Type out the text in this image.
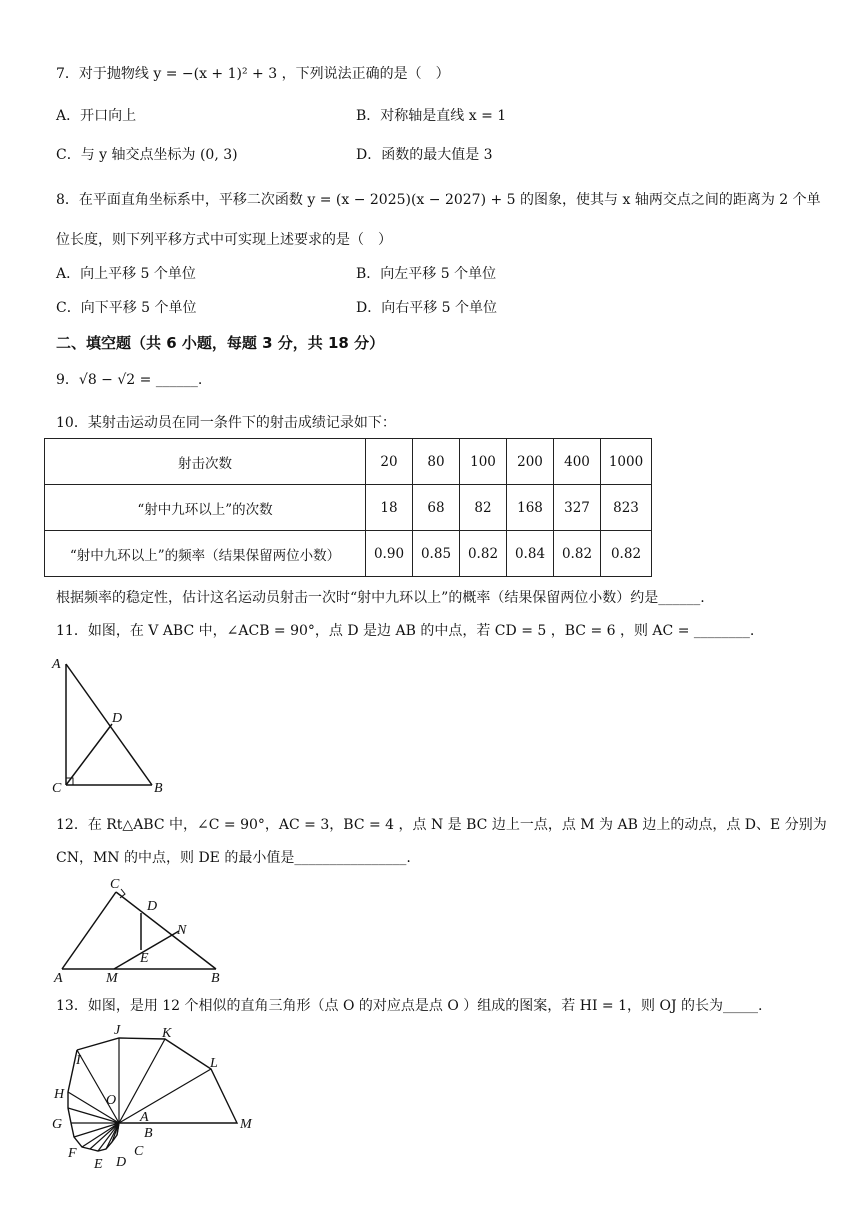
7．对于抛物线 y = −(x + 1)² + 3 ，下列说法正确的是（　）
A．开口向上	B．对称轴是直线 x = 1
C．与 y 轴交点坐标为 (0, 3)	D．函数的最大值是 3
8．在平面直角坐标系中，平移二次函数 y = (x − 2025)(x − 2027) + 5 的图象，使其与 x 轴两交点之间的距离为 2 个单
位长度，则下列平移方式中可实现上述要求的是（　）
A．向上平移 5 个单位	B．向左平移 5 个单位
C．向下平移 5 个单位	D．向右平移 5 个单位
二、填空题（共 6 小题，每题 3 分，共 18 分）
9．√8 − √2 = ______.
10．某射击运动员在同一条件下的射击成绩记录如下：
射击次数	20	80	100	200	400	1000
“射中九环以上”的次数	18	68	82	168	327	823
“射中九环以上”的频率（结果保留两位小数）	0.90	0.85	0.82	0.84	0.82	0.82
根据频率的稳定性，估计这名运动员射击一次时“射中九环以上”的概率（结果保留两位小数）约是______.
11．如图，在 V ABC 中，∠ACB = 90°，点 D 是边 AB 的中点，若 CD = 5 ，BC = 6 ，则 AC = ________.
A
C	B
D
12．在 Rt△ABC 中，∠C = 90°，AC = 3，BC = 4 ，点 N 是 BC 边上一点，点 M 为 AB 边上的动点，点 D、E 分别为
CN，MN 的中点，则 DE 的最小值是________________.
C
D
N
E
A	M	B
13．如图，是用 12 个相似的直角三角形（点 O 的对应点是点 O ）组成的图案，若 HI = 1，则 OJ 的长为_____.
O
A
B
C
D
E
F
G
H
I
J	K
L
M
